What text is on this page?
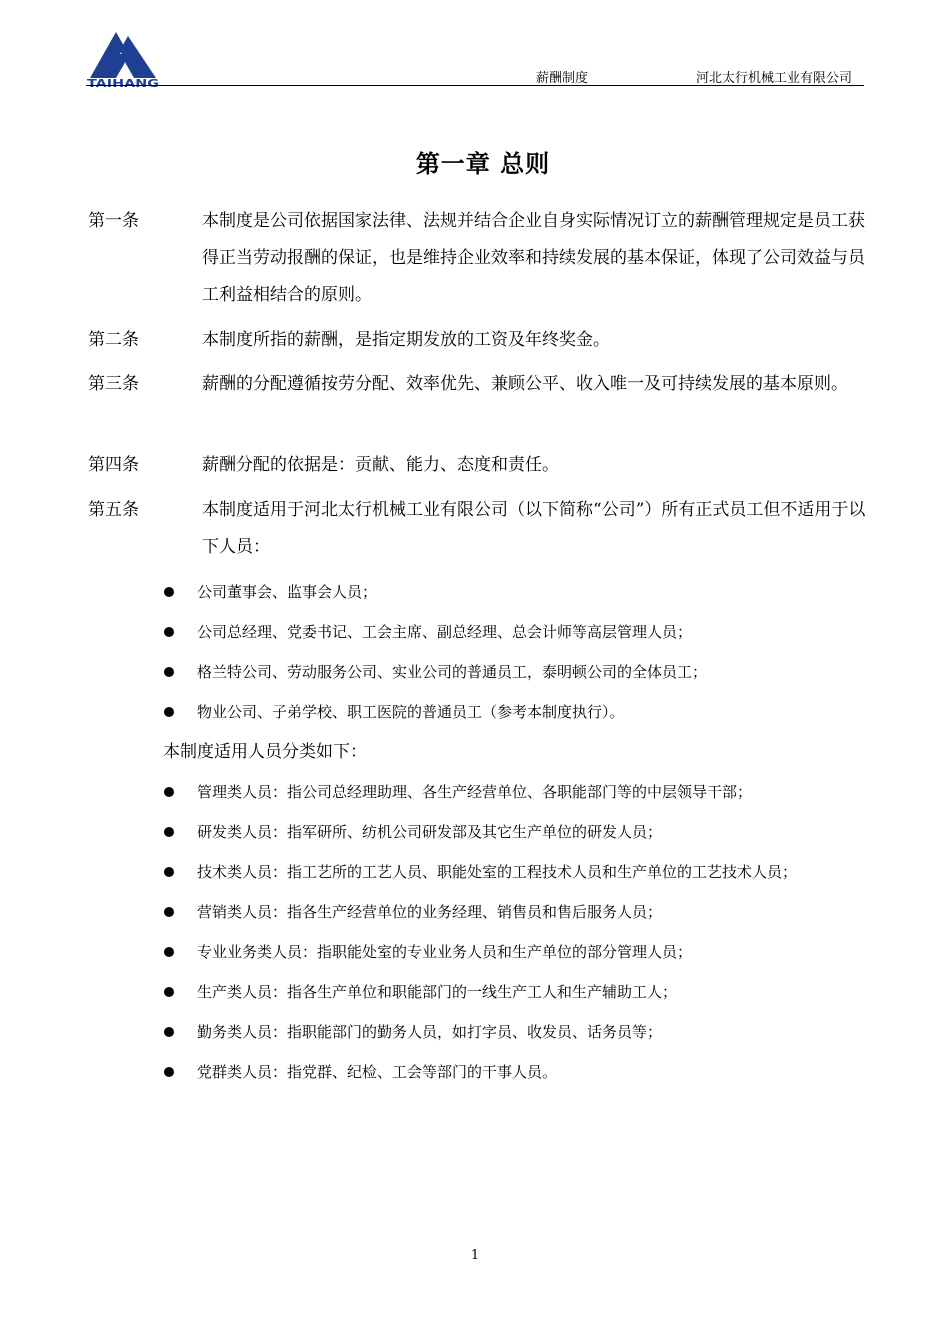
TAIHANG	薪酬制度	河北太行机械工业有限公司
第一章 总则
第一条	本制度是公司依据国家法律、法规并结合企业自身实际情况订立的薪酬管理规定是员工获得正当劳动报酬的保证，也是维持企业效率和持续发展的基本保证，体现了公司效益与员工利益相结合的原则。
第二条	本制度所指的薪酬，是指定期发放的工资及年终奖金。
第三条	薪酬的分配遵循按劳分配、效率优先、兼顾公平、收入唯一及可持续发展的基本原则。
第四条	薪酬分配的依据是：贡献、能力、态度和责任。
第五条	本制度适用于河北太行机械工业有限公司（以下简称“公司”）所有正式员工但不适用于以下人员：
公司董事会、监事会人员；
公司总经理、党委书记、工会主席、副总经理、总会计师等高层管理人员；
格兰特公司、劳动服务公司、实业公司的普通员工，泰明顿公司的全体员工；
物业公司、子弟学校、职工医院的普通员工（参考本制度执行）。
本制度适用人员分类如下：
管理类人员：指公司总经理助理、各生产经营单位、各职能部门等的中层领导干部；
研发类人员：指军研所、纺机公司研发部及其它生产单位的研发人员；
技术类人员：指工艺所的工艺人员、职能处室的工程技术人员和生产单位的工艺技术人员；
营销类人员：指各生产经营单位的业务经理、销售员和售后服务人员；
专业业务类人员：指职能处室的专业业务人员和生产单位的部分管理人员；
生产类人员：指各生产单位和职能部门的一线生产工人和生产辅助工人；
勤务类人员：指职能部门的勤务人员，如打字员、收发员、话务员等；
党群类人员：指党群、纪检、工会等部门的干事人员。
1
